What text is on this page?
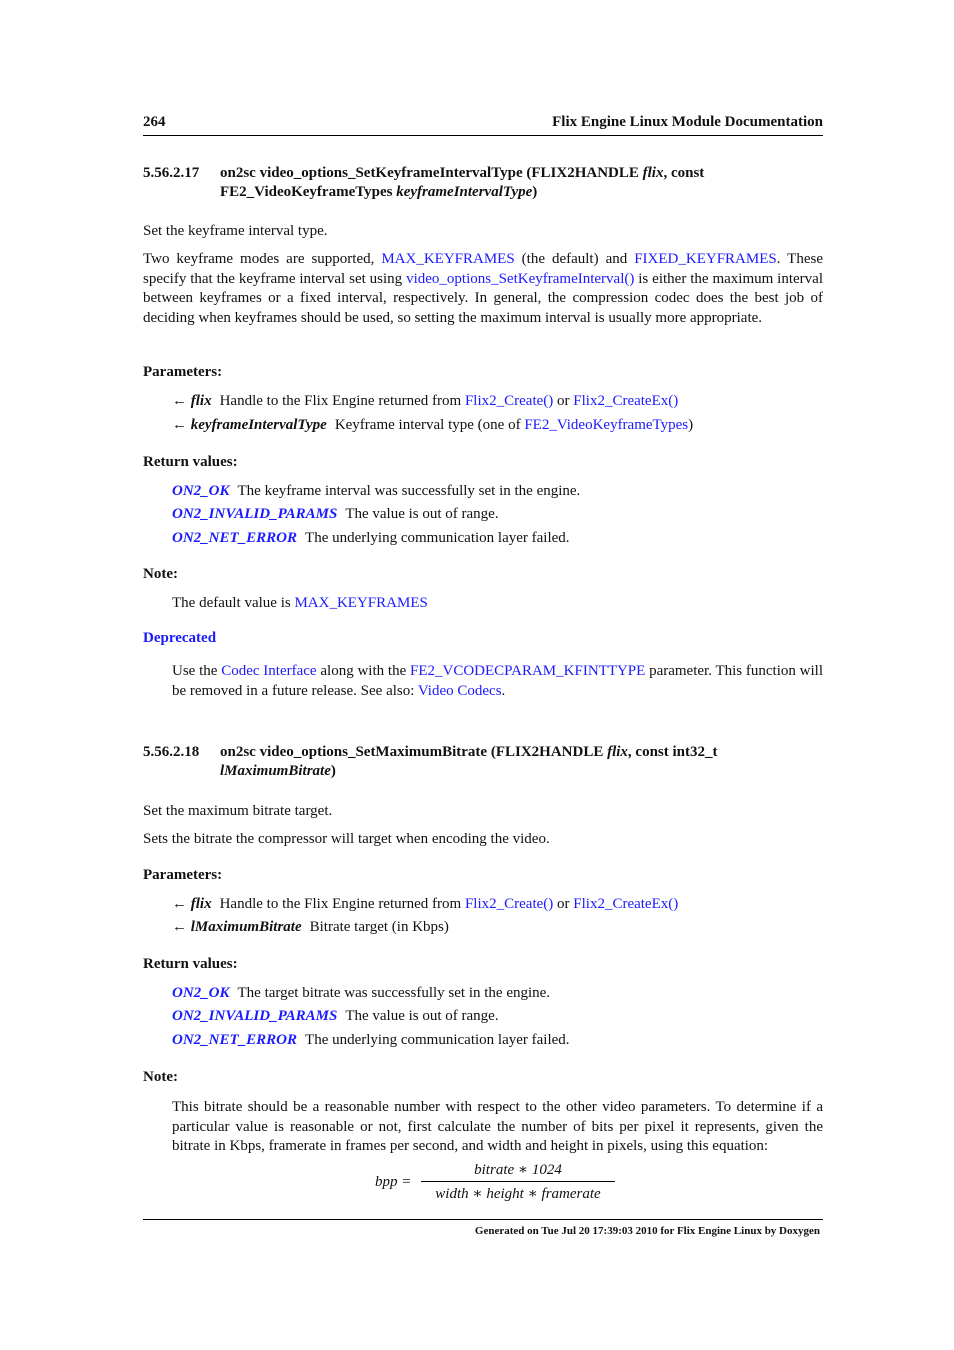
264	Flix Engine Linux Module Documentation
5.56.2.17 on2sc video_options_SetKeyframeIntervalType (FLIX2HANDLE flix, const
FE2_VideoKeyframeTypes keyframeIntervalType)
Set the keyframe interval type.
Two keyframe modes are supported, MAX_KEYFRAMES (the default) and FIXED_KEYFRAMES. These specify that the keyframe interval set using video_options_SetKeyframeInterval() is either the maximum interval between keyframes or a fixed interval, respectively. In general, the compression codec does the best job of deciding when keyframes should be used, so setting the maximum interval is usually more appropriate.
Parameters:
← flix Handle to the Flix Engine returned from Flix2_Create() or Flix2_CreateEx()
← keyframeIntervalType Keyframe interval type (one of FE2_VideoKeyframeTypes)
Return values:
ON2_OK The keyframe interval was successfully set in the engine.
ON2_INVALID_PARAMS The value is out of range.
ON2_NET_ERROR The underlying communication layer failed.
Note:
The default value is MAX_KEYFRAMES
Deprecated
Use the Codec Interface along with the FE2_VCODECPARAM_KFINTTYPE parameter. This function will be removed in a future release. See also: Video Codecs.
5.56.2.18 on2sc video_options_SetMaximumBitrate (FLIX2HANDLE flix, const int32_t
lMaximumBitrate)
Set the maximum bitrate target.
Sets the bitrate the compressor will target when encoding the video.
Parameters:
← flix Handle to the Flix Engine returned from Flix2_Create() or Flix2_CreateEx()
← lMaximumBitrate Bitrate target (in Kbps)
Return values:
ON2_OK The target bitrate was successfully set in the engine.
ON2_INVALID_PARAMS The value is out of range.
ON2_NET_ERROR The underlying communication layer failed.
Note:
This bitrate should be a reasonable number with respect to the other video parameters. To determine if a particular value is reasonable or not, first calculate the number of bits per pixel it represents, given the bitrate in Kbps, framerate in frames per second, and width and height in pixels, using this equation:
bpp =
bitrate ∗ 1024
width ∗ height ∗ framerate
Generated on Tue Jul 20 17:39:03 2010 for Flix Engine Linux by Doxygen
